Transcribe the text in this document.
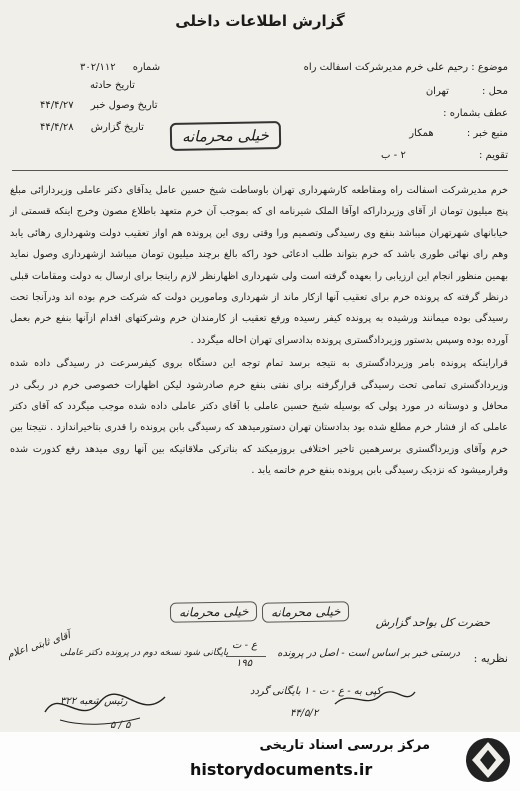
گزارش اطلاعات داخلی
موضوع : رحیم علی خرم مدیرشرکت اسفالت راه
محل : تهران
عطف بشماره :
منبع خبر : همکار
تقویم : ۲ - ب
شماره ۳۰۲/۱۱۲
تاریخ حادثه
تاریخ وصول خبر ۴۴/۴/۲۷
تاریخ گزارش ۴۴/۴/۲۸	خیلی محرمانه

خرم مدیرشرکت اسفالت راه ومقاطعه کارشهرداری تهران باوساطت شیخ حسین عامل یدآقای دکتر عاملی وزیردارائی مبلغ پنج میلیون تومان از آقای وزیرداراکه اوآقا الملک شیرنامه ای که بموجب آن خرم متعهد باطلاع مصون وخرج اینکه قسمتی از خیابانهای شهرتهران میباشد بنفع وی رسیدگی وتصمیم ورا وقتی روی این پرونده هم اواز تعقیب دولت وشهرداری رهائی یابد وهم رای نهائی طوری باشد که خرم بتواند طلب ادعائی خود راکه بالغ برچند میلیون تومان میباشد ازشهرداری وصول نماید بهمین منظور انجام این ارزیابی را بعهده گرفته است ولی شهرداری اظهارنظر لازم راینجا برای ارسال به دولت ومقامات قبلی درنظر گرفته که پرونده خرم برای تعقیب آنها ازکار ماند از شهرداری ومامورین دولت که شرکت خرم بوده اند ودرآنجا تحت رسیدگی بوده میمانند ورشیده به پرونده کیفر رسیده ورفع تعقیب از کارمندان خرم وشرکتهای اقدام ازآنها بنفع خرم بعمل آورده بوده وسپس بدستور وزیردادگستری پرونده بدادسرای تهران احاله میگردد .

قراراینکه پرونده بامر وزیردادگستری به نتیجه برسد تمام توجه این دستگاه بروی کیفرسرعت در رسیدگی داده شده وزیردادگستری تمامی تحت رسیدگی قرارگرفته برای نفتی بنفع خرم صادرشود لیکن اظهارات خصوصی خرم در ربگی در محافل و دوستانه در مورد پولی که بوسیله شیخ حسین عاملی با آقای دکتر عاملی داده شده موجب میگردد که آقای دکتر عاملی که از فشار خرم مطلع شده بود بدادستان تهران دستورمیدهد که رسیدگی بابن پرونده را قدری بتاخیراندازد . نتیجتا بین خرم وآقای وزیرداگستری برسرهمین تاخیر اختلافی بروزمیکند که بناترکی ملاقاتیکه بین آنها روی میدهد رفع کدورت شده وقرارمیشود که نزدیک رسیدگی بابن پرونده بنفع خرم خاتمه یابد .

خیلی محرمانه	خیلی محرمانه
حضرت کل بواحد گزارش
آقای ثابتی اعلام	نظریه :
درستی خبر بر اساس است - اصل در پرونده
ع - ت
۱۹۵
بایگانی شود نسخه دوم در پرونده دکتر عاملی
کپی به - ع - ت - ۱ بایگانی گردد
۴۴/۵/۲
رئیس شعبه ۳۲۲
۵ / ۵
مرکز بررسی اسناد تاریخی
historydocuments.ir
